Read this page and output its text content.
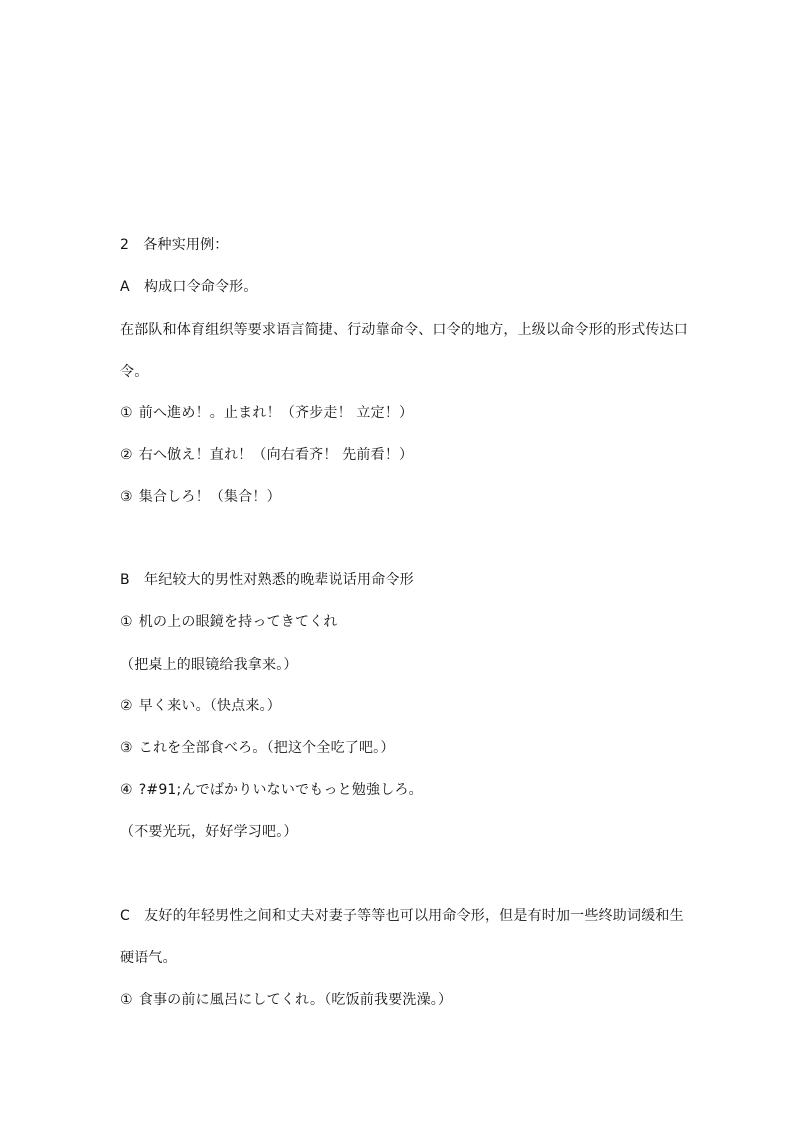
2　各种实用例：
A　构成口令命令形。
在部队和体育组织等要求语言简捷、行动靠命令、口令的地方，上级以命令形的形式传达口
令。
① 前へ進め！。止まれ！（齐步走！ 立定！）
② 右へ倣え！直れ！（向右看齐！ 先前看！）
③ 集合しろ！（集合！）
B　年纪较大的男性对熟悉的晚辈说话用命令形
① 机の上の眼鏡を持ってきてくれ
（把桌上的眼镜给我拿来。）
② 早く来い。（快点来。）
③ これを全部食べろ。（把这个全吃了吧。）
④ ?#91;んでばかりいないでもっと勉強しろ。
（不要光玩，好好学习吧。）
C　友好的年轻男性之间和丈夫对妻子等等也可以用命令形，但是有时加一些终助词缓和生
硬语气。
① 食事の前に風呂にしてくれ。（吃饭前我要洗澡。）
